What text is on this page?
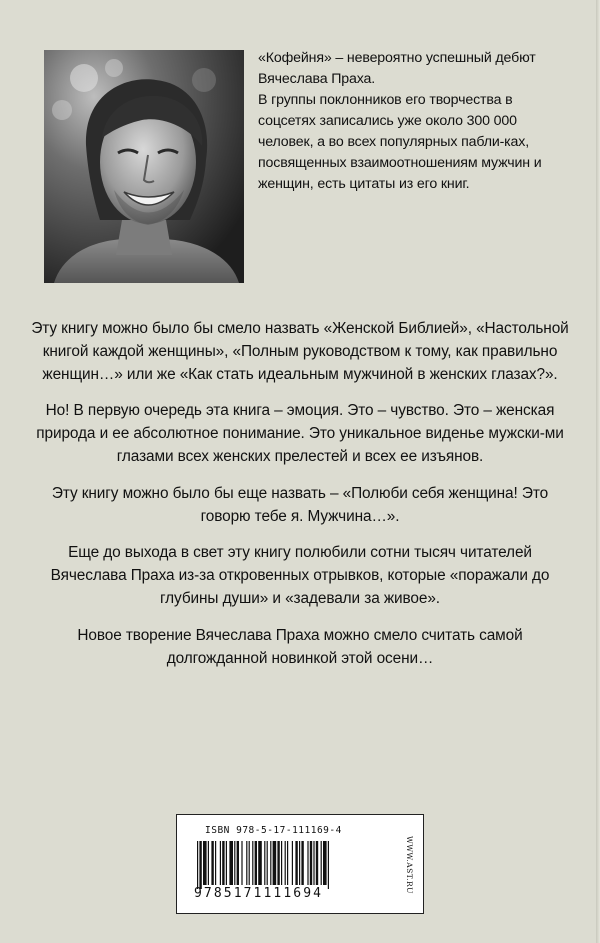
«Кофейня» – невероятно успешный дебют Вячеслава Праха.

В группы поклонников его творчества в соцсетях записались уже около 300 000 человек, а во всех популярных пабли-ках, посвященных взаимоотношениям мужчин и женщин, есть цитаты из его книг.

Эту книгу можно было бы смело назвать «Женской Библией», «Настольной книгой каждой женщины», «Полным руководством к тому, как правильно женщин…» или же «Как стать идеальным мужчиной в женских глазах?».

Но! В первую очередь эта книга – эмоция. Это – чувство. Это – женская природа и ее абсолютное понимание. Это уникальное виденье мужски-ми глазами всех женских прелестей и всех ее изъянов.

Эту книгу можно было бы еще назвать – «Полюби себя женщина! Это говорю тебе я. Мужчина…».

Еще до выхода в свет эту книгу полюбили сотни тысяч читателей Вячеслава Праха из-за откровенных отрывков, которые «поражали до глубины души» и «задевали за живое».

Новое творение Вячеслава Праха можно смело считать самой долгожданной новинкой этой осени…

ISBN 978-5-17-111169-4
9785171111694	WWW.AST.RU
